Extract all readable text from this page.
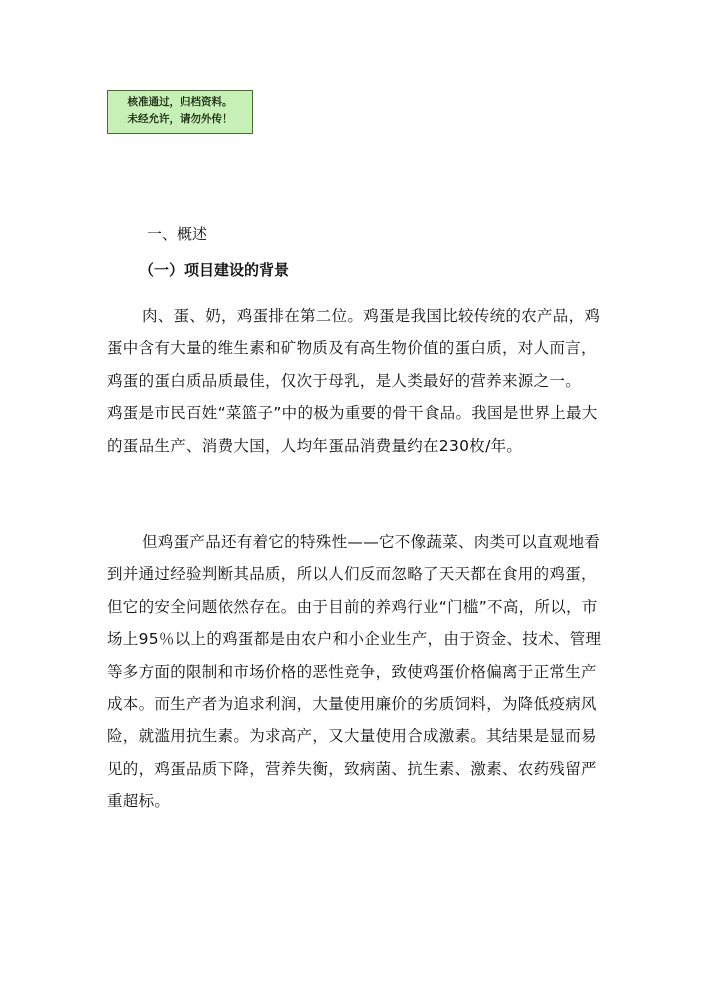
核准通过，归档资料。
未经允许，请勿外传！
一、概述
（一）项目建设的背景

肉、蛋、奶，鸡蛋排在第二位。鸡蛋是我国比较传统的农产品，鸡蛋中含有大量的维生素和矿物质及有高生物价值的蛋白质，对人而言，鸡蛋的蛋白质品质最佳，仅次于母乳，是人类最好的营养来源之一。 鸡蛋是市民百姓“菜篮子”中的极为重要的骨干食品。我国是世界上最大的蛋品生产、消费大国，人均年蛋品消费量约在230枚/年。

但鸡蛋产品还有着它的特殊性——它不像蔬菜、肉类可以直观地看到并通过经验判断其品质，所以人们反而忽略了天天都在食用的鸡蛋，但它的安全问题依然存在。由于目前的养鸡行业“门槛”不高，所以，市场上95％以上的鸡蛋都是由农户和小企业生产，由于资金、技术、管理等多方面的限制和市场价格的恶性竞争，致使鸡蛋价格偏离于正常生产成本。而生产者为追求利润，大量使用廉价的劣质饲料，为降低疫病风险，就滥用抗生素。为求高产，又大量使用合成激素。其结果是显而易见的，鸡蛋品质下降，营养失衡，致病菌、抗生素、激素、农药残留严重超标。
